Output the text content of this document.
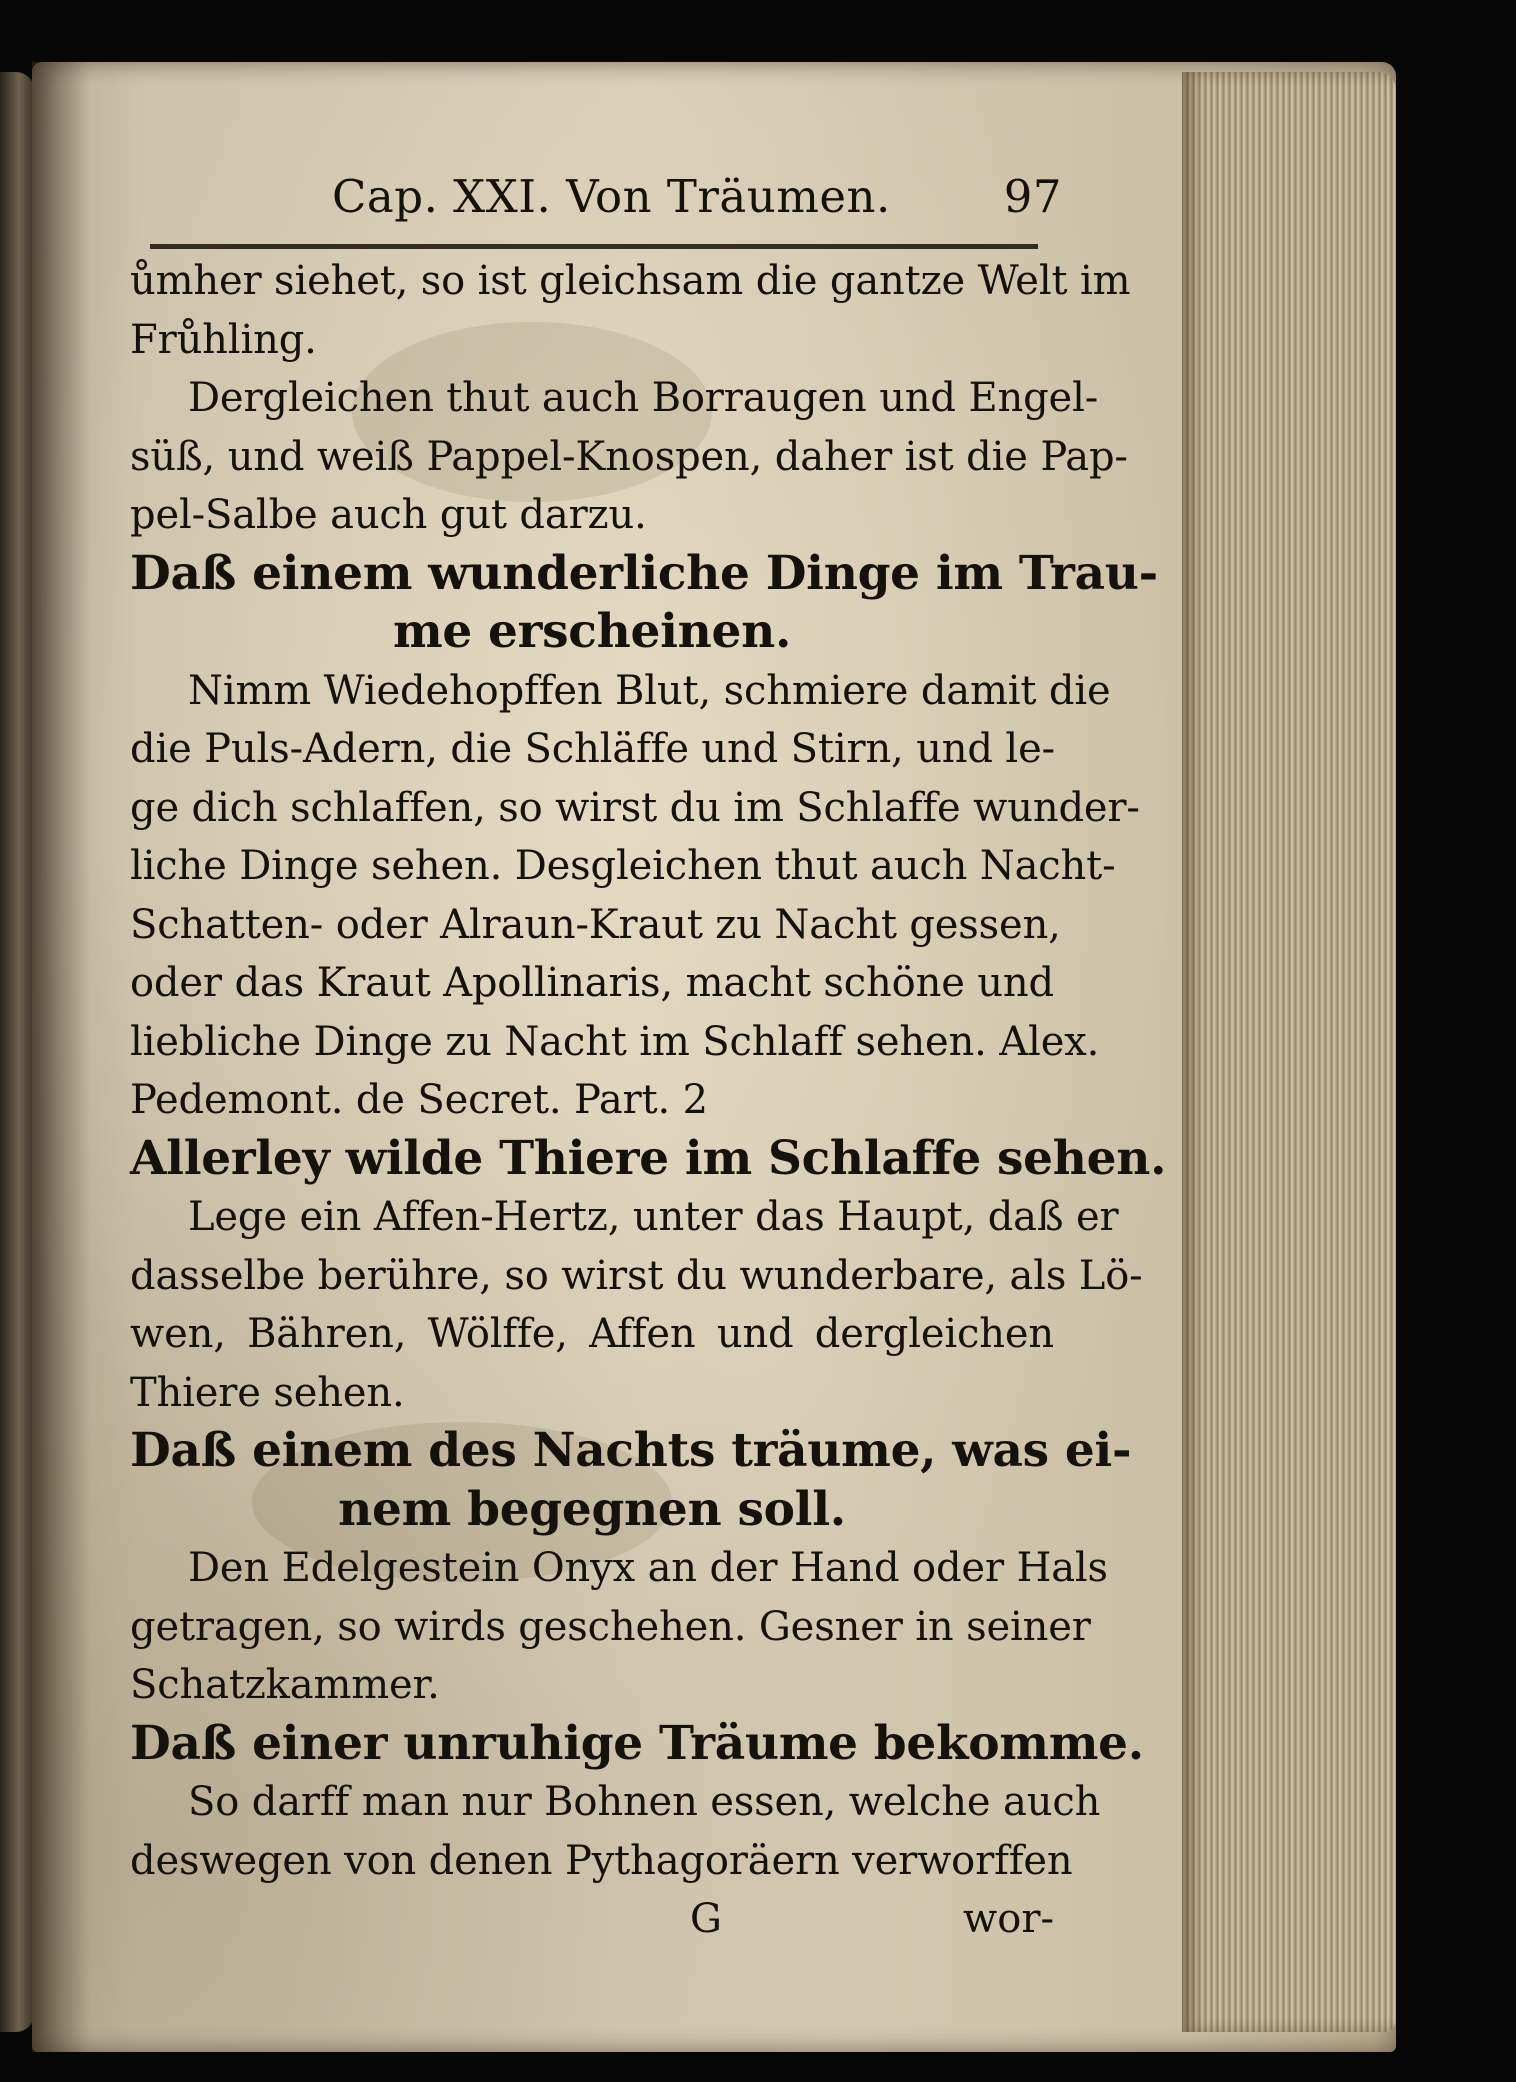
Cap. XXI. Von Träumen.	97
ůmher siehet, so ist gleichsam die gantze Welt im
Frůhling.
Dergleichen thut auch Borraugen und Engel-
süß, und weiß Pappel-Knospen, daher ist die Pap-
pel-Salbe auch gut darzu.
Daß einem wunderliche Dinge im Trau-
me erscheinen.
Nimm Wiedehopffen Blut, schmiere damit die
die Puls-Adern, die Schläffe und Stirn, und le-
ge dich schlaffen, so wirst du im Schlaffe wunder-
liche Dinge sehen. Desgleichen thut auch Nacht-
Schatten- oder Alraun-Kraut zu Nacht gessen,
oder das Kraut Apollinaris, macht schöne und
liebliche Dinge zu Nacht im Schlaff sehen. Alex.
Pedemont. de Secret. Part. 2
Allerley wilde Thiere im Schlaffe sehen.
Lege ein Affen-Hertz, unter das Haupt, daß er
dasselbe berühre, so wirst du wunderbare, als Lö-
wen, Bähren, Wölffe, Affen und dergleichen
Thiere sehen.
Daß einem des Nachts träume, was ei-
nem begegnen soll.
Den Edelgestein Onyx an der Hand oder Hals
getragen, so wirds geschehen. Gesner in seiner
Schatzkammer.
Daß einer unruhige Träume bekomme.
So darff man nur Bohnen essen, welche auch
deswegen von denen Pythagoräern verworffen
G	wor-
